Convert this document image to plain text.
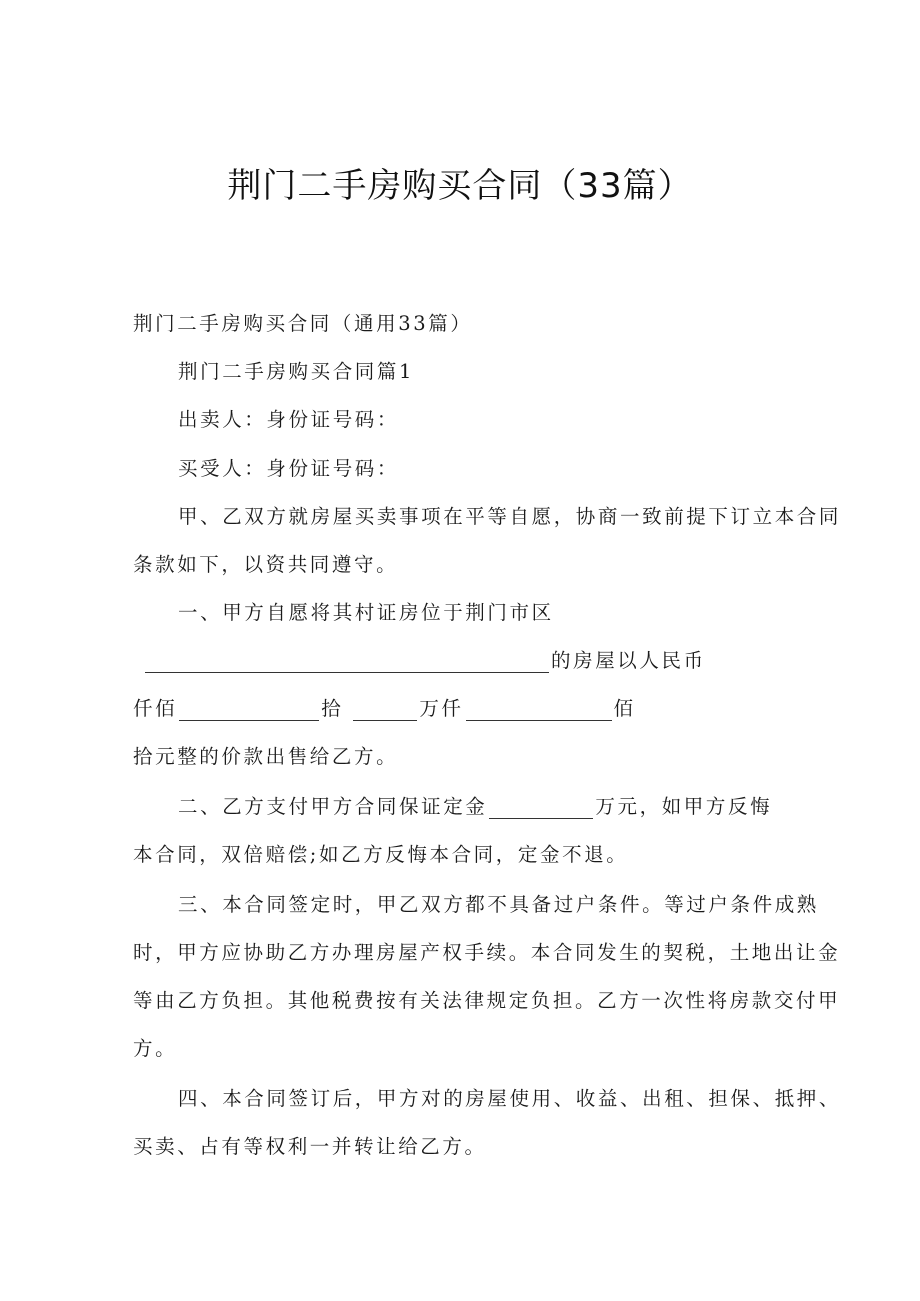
荆门二手房购买合同（33篇）
荆门二手房购买合同（通用33篇）
荆门二手房购买合同篇1
出卖人：身份证号码：
买受人：身份证号码：
甲、乙双方就房屋买卖事项在平等自愿，协商一致前提下订立本合同
条款如下，以资共同遵守。
一、甲方自愿将其村证房位于荆门市区
的房屋以人民币
仟佰	拾	万仟	佰
拾元整的价款出售给乙方。
二、乙方支付甲方合同保证定金	万元，如甲方反悔
本合同，双倍赔偿;如乙方反悔本合同，定金不退。
三、本合同签定时，甲乙双方都不具备过户条件。等过户条件成熟
时，甲方应协助乙方办理房屋产权手续。本合同发生的契税，土地出让金
等由乙方负担。其他税费按有关法律规定负担。乙方一次性将房款交付甲
方。
四、本合同签订后，甲方对的房屋使用、收益、出租、担保、抵押、
买卖、占有等权利一并转让给乙方。
